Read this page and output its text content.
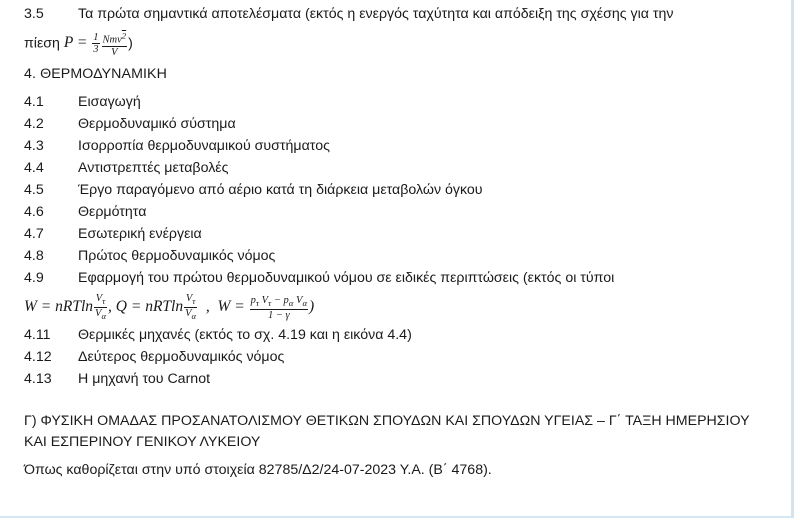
3.5 Τα πρώτα σημαντικά αποτελέσματα (εκτός η ενεργός ταχύτητα και απόδειξη της σχέσης για την
πίεση $P = \frac{1}{3} \frac{Nmv^2}{V}$ )
4. ΘΕΡΜΟΔΥΝΑΜΙΚΗ
4.1 Εισαγωγή
4.2 Θερμοδυναμικό σύστημα
4.3 Ισορροπία θερμοδυναμικού συστήματος
4.4 Αντιστρεπτές μεταβολές
4.5 Έργο παραγόμενο από αέριο κατά τη διάρκεια μεταβολών όγκου
4.6 Θερμότητα
4.7 Εσωτερική ενέργεια
4.8 Πρώτος θερμοδυναμικός νόμος
4.9 Εφαρμογή του πρώτου θερμοδυναμικού νόμου σε ειδικές περιπτώσεις (εκτός οι τύποι
W = nRTln $\frac{V_\tau}{V_\alpha}$ , Q = nRTln $\frac{V_\tau}{V_\alpha}$ ,  $W = \frac{p_\tau V_\tau - p_\alpha V_\alpha}{1 - \gamma}$ )
4.11 Θερμικές μηχανές (εκτός το σχ. 4.19 και η εικόνα 4.4)
4.12 Δεύτερος θερμοδυναμικός νόμος
4.13 Η μηχανή του Carnot
Γ) ΦΥΣΙΚΗ ΟΜΑΔΑΣ ΠΡΟΣΑΝΑΤΟΛΙΣΜΟΥ ΘΕΤΙΚΩΝ ΣΠΟΥΔΩΝ ΚΑΙ ΣΠΟΥΔΩΝ ΥΓΕΙΑΣ – Γ΄ ΤΑΞΗ ΗΜΕΡΗΣΙΟΥ
ΚΑΙ ΕΣΠΕΡΙΝΟΥ ΓΕΝΙΚΟΥ ΛΥΚΕΙΟΥ
Όπως καθορίζεται στην υπό στοιχεία 82785/Δ2/24-07-2023 Υ.Α. (Β΄ 4768).
